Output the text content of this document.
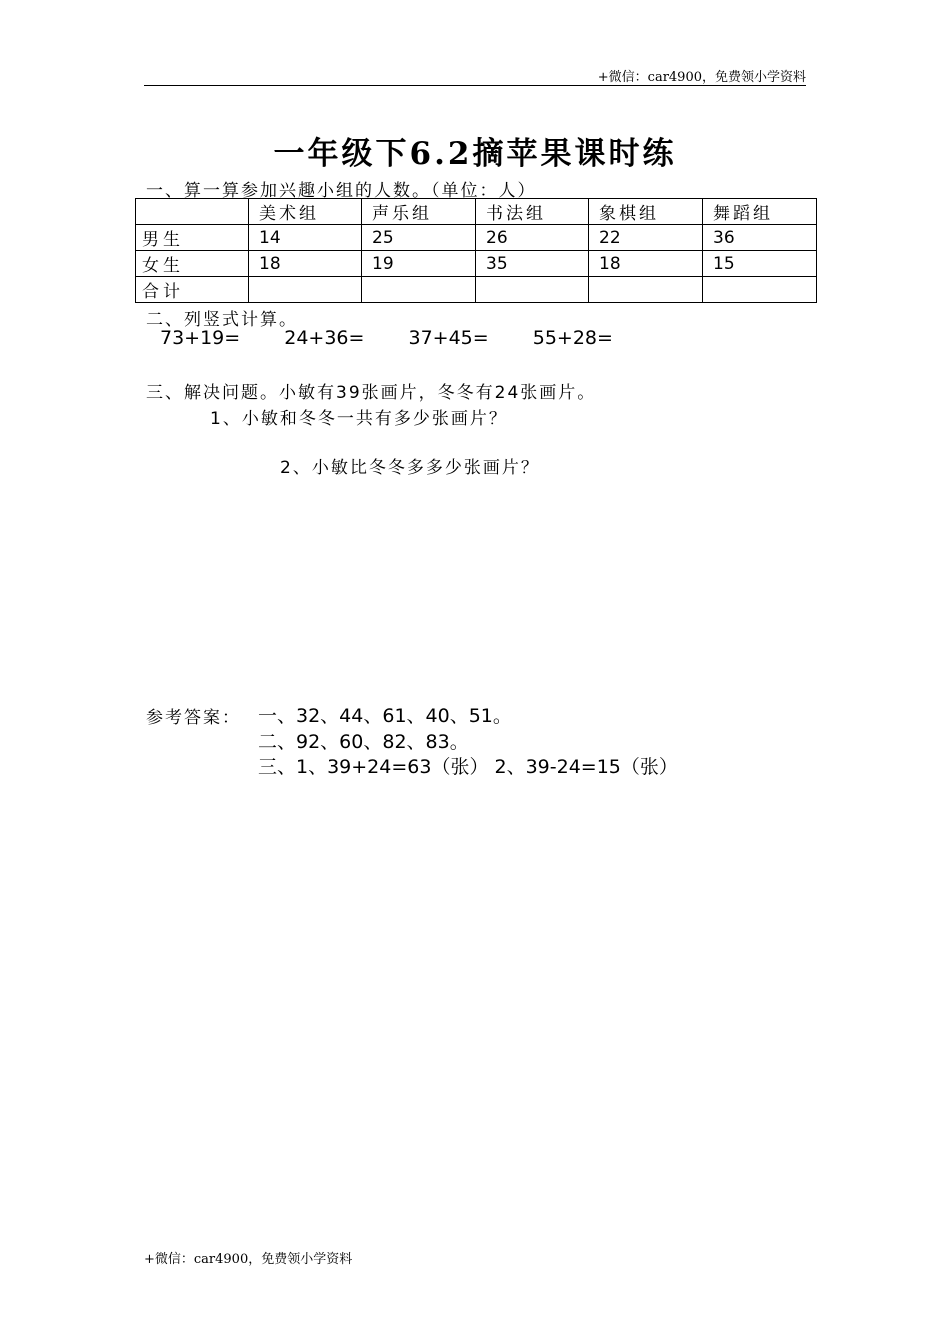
+微信：car4900，免费领小学资料
一年级下6.2摘苹果课时练
一、算一算参加兴趣小组的人数。（单位：人）
	美术组	声乐组	书法组	象棋组	舞蹈组
男生	14	25	26	22	36
女生	18	19	35	18	15
合计					
二、列竖式计算。
73+19= 24+36= 37+45= 55+28=
三、解决问题。小敏有39张画片，冬冬有24张画片。
1、小敏和冬冬一共有多少张画片？
2、小敏比冬冬多多少张画片？
参考答案： 一、32、44、61、40、51。
二、92、60、82、83。
三、1、39+24=63（张） 2、39-24=15（张）
+微信：car4900，免费领小学资料
